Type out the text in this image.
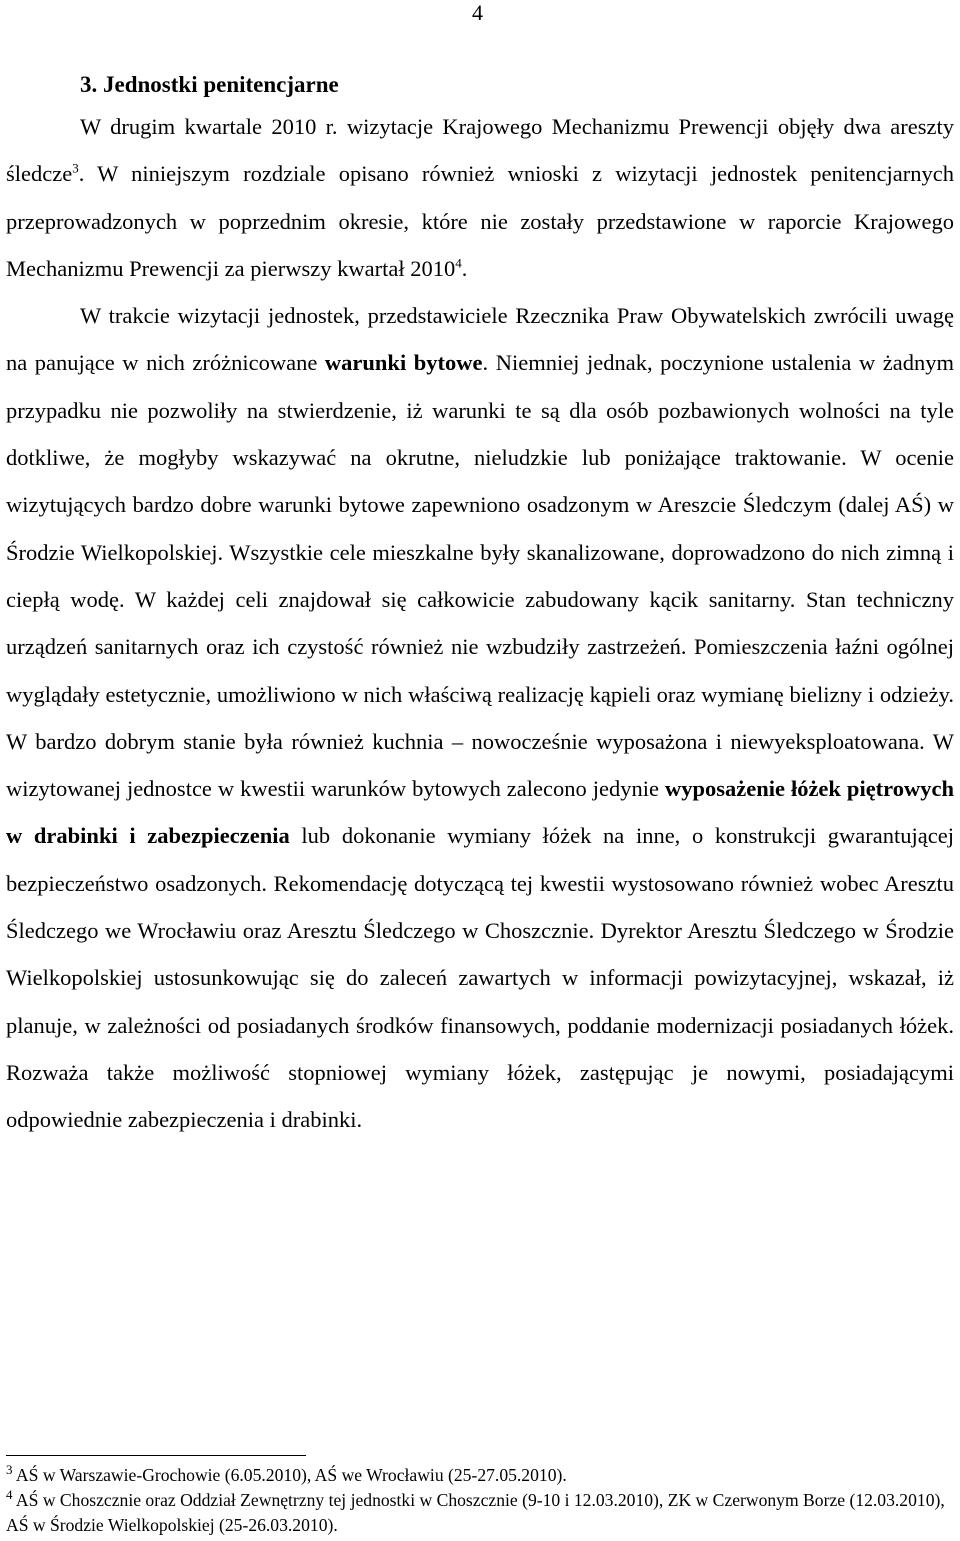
4
3. Jednostki penitencjarne

W drugim kwartale 2010 r. wizytacje Krajowego Mechanizmu Prewencji objęły dwa areszty śledcze$^3$. W niniejszym rozdziale opisano również wnioski z wizytacji jednostek penitencjarnych przeprowadzonych w poprzednim okresie, które nie zostały przedstawione w raporcie Krajowego Mechanizmu Prewencji za pierwszy kwartał 2010$^4$.

W trakcie wizytacji jednostek, przedstawiciele Rzecznika Praw Obywatelskich zwrócili uwagę na panujące w nich zróżnicowane warunki bytowe. Niemniej jednak, poczynione ustalenia w żadnym przypadku nie pozwoliły na stwierdzenie, iż warunki te są dla osób pozbawionych wolności na tyle dotkliwe, że mogłyby wskazywać na okrutne, nieludzkie lub poniżające traktowanie. W ocenie wizytujących bardzo dobre warunki bytowe zapewniono osadzonym w Areszcie Śledczym (dalej AŚ) w Środzie Wielkopolskiej. Wszystkie cele mieszkalne były skanalizowane, doprowadzono do nich zimną i ciepłą wodę. W każdej celi znajdował się całkowicie zabudowany kącik sanitarny. Stan techniczny urządzeń sanitarnych oraz ich czystość również nie wzbudziły zastrzeżeń. Pomieszczenia łaźni ogólnej wyglądały estetycznie, umożliwiono w nich właściwą realizację kąpieli oraz wymianę bielizny i odzieży. W bardzo dobrym stanie była również kuchnia – nowocześnie wyposażona i niewyeksploatowana. W wizytowanej jednostce w kwestii warunków bytowych zalecono jedynie wyposażenie łóżek piętrowych w drabinki i zabezpieczenia lub dokonanie wymiany łóżek na inne, o konstrukcji gwarantującej bezpieczeństwo osadzonych. Rekomendację dotyczącą tej kwestii wystosowano również wobec Aresztu Śledczego we Wrocławiu oraz Aresztu Śledczego w Choszcznie. Dyrektor Aresztu Śledczego w Środzie Wielkopolskiej ustosunkowując się do zaleceń zawartych w informacji powizytacyjnej, wskazał, iż planuje, w zależności od posiadanych środków finansowych, poddanie modernizacji posiadanych łóżek. Rozważa także możliwość stopniowej wymiany łóżek, zastępując je nowymi, posiadającymi odpowiednie zabezpieczenia i drabinki.

$^3$ AŚ w Warszawie-Grochowie (6.05.2010), AŚ we Wrocławiu (25-27.05.2010).

$^4$ AŚ w Choszcznie oraz Oddział Zewnętrzny tej jednostki w Choszcznie (9-10 i 12.03.2010), ZK w Czerwonym Borze (12.03.2010), AŚ w Środzie Wielkopolskiej (25-26.03.2010).
